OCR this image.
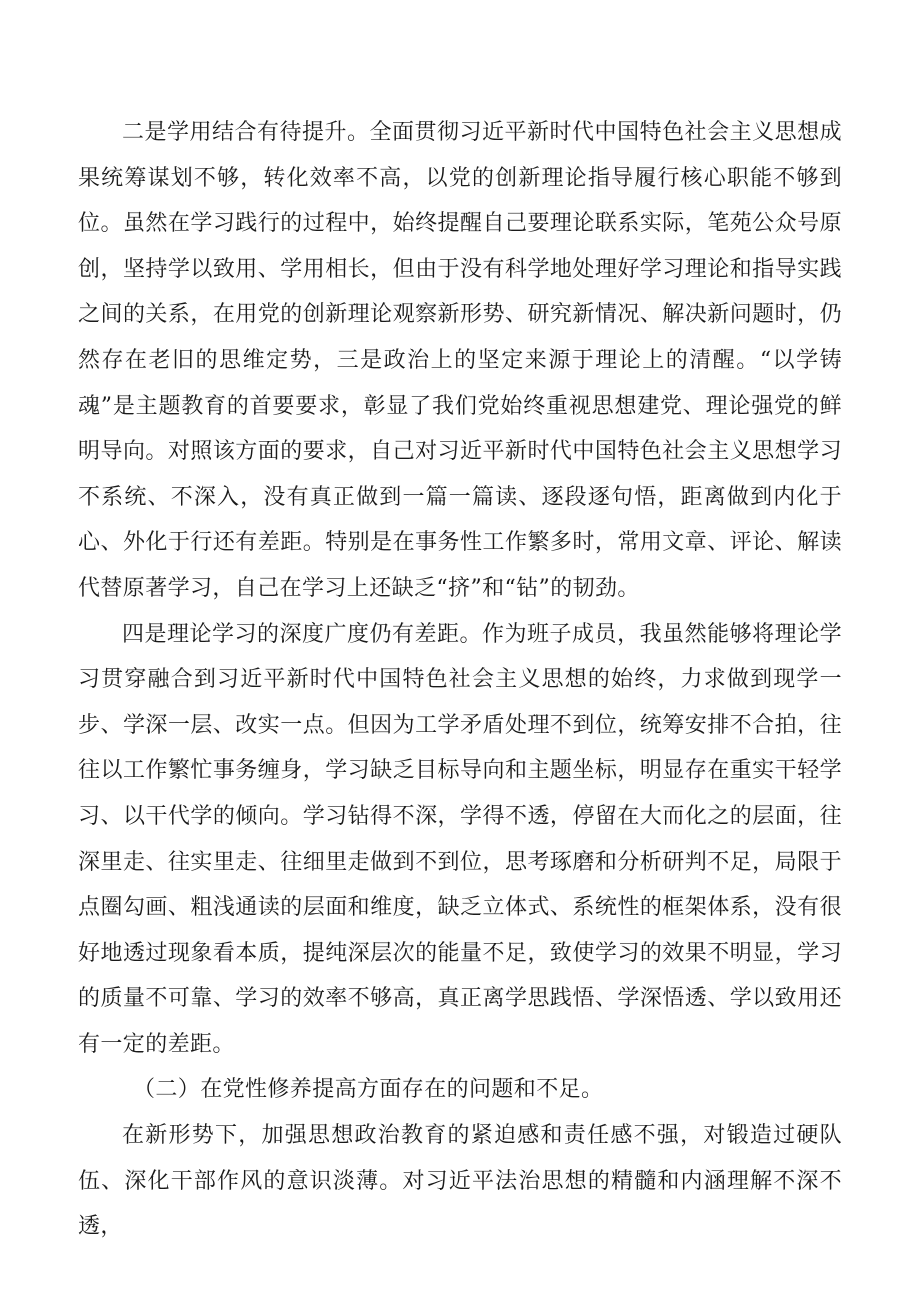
二是学用结合有待提升。全面贯彻习近平新时代中国特色社会主义思想成果统筹谋划不够，转化效率不高，以党的创新理论指导履行核心职能不够到位。虽然在学习践行的过程中，始终提醒自己要理论联系实际，笔苑公众号原创，坚持学以致用、学用相长，但由于没有科学地处理好学习理论和指导实践之间的关系，在用党的创新理论观察新形势、研究新情况、解决新问题时，仍然存在老旧的思维定势，三是政治上的坚定来源于理论上的清醒。“以学铸魂”是主题教育的首要要求，彰显了我们党始终重视思想建党、理论强党的鲜明导向。对照该方面的要求，自己对习近平新时代中国特色社会主义思想学习不系统、不深入，没有真正做到一篇一篇读、逐段逐句悟，距离做到内化于心、外化于行还有差距。特别是在事务性工作繁多时，常用文章、评论、解读代替原著学习，自己在学习上还缺乏“挤”和“钻”的韧劲。

四是理论学习的深度广度仍有差距。作为班子成员，我虽然能够将理论学习贯穿融合到习近平新时代中国特色社会主义思想的始终，力求做到现学一步、学深一层、改实一点。但因为工学矛盾处理不到位，统筹安排不合拍，往往以工作繁忙事务缠身，学习缺乏目标导向和主题坐标，明显存在重实干轻学习、以干代学的倾向。学习钻得不深，学得不透，停留在大而化之的层面，往深里走、往实里走、往细里走做到不到位，思考琢磨和分析研判不足，局限于点圈勾画、粗浅通读的层面和维度，缺乏立体式、系统性的框架体系，没有很好地透过现象看本质，提纯深层次的能量不足，致使学习的效果不明显，学习的质量不可靠、学习的效率不够高，真正离学思践悟、学深悟透、学以致用还有一定的差距。

（二）在党性修养提高方面存在的问题和不足。

在新形势下，加强思想政治教育的紧迫感和责任感不强，对锻造过硬队伍、深化干部作风的意识淡薄。对习近平法治思想的精髓和内涵理解不深不透，
